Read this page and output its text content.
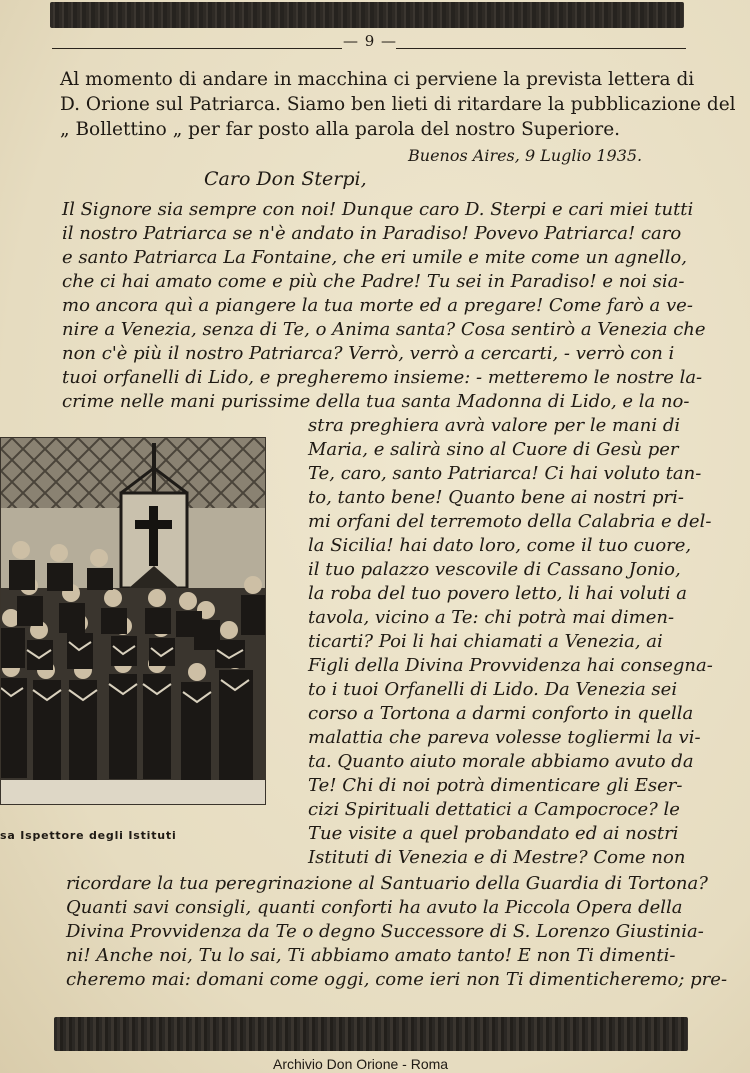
— 9 —
Al momento di andare in macchina ci perviene la prevista lettera di
D. Orione sul Patriarca. Siamo ben lieti di ritardare la pubblicazione del
„ Bollettino „ per far posto alla parola del nostro Superiore.
Buenos Aires, 9 Luglio 1935.
Caro Don Sterpi,
Il Signore sia sempre con noi! Dunque caro D. Sterpi e cari miei tutti
il nostro Patriarca se n'è andato in Paradiso! Povevo Patriarca! caro
e santo Patriarca La Fontaine, che eri umile e mite come un agnello,
che ci hai amato come e più che Padre! Tu sei in Paradiso! e noi sia-
mo ancora quì a piangere la tua morte ed a pregare! Come farò a ve-
nire a Venezia, senza di Te, o Anima santa? Cosa sentirò a Venezia che
non c'è più il nostro Patriarca? Verrò, verrò a cercarti, - verrò con i
tuoi orfanelli di Lido, e pregheremo insieme: - metteremo le nostre la-
crime nelle mani purissime della tua santa Madonna di Lido, e la no-
stra preghiera avrà valore per le mani di
Maria, e salirà sino al Cuore di Gesù per
Te, caro, santo Patriarca! Ci hai voluto tan-
to, tanto bene! Quanto bene ai nostri pri-
mi orfani del terremoto della Calabria e del-
la Sicilia! hai dato loro, come il tuo cuore,
il tuo palazzo vescovile di Cassano Jonio,
la roba del tuo povero letto, li hai voluti a
tavola, vicino a Te: chi potrà mai dimen-
ticarti? Poi li hai chiamati a Venezia, ai
Figli della Divina Provvidenza hai consegna-
to i tuoi Orfanelli di Lido. Da Venezia sei
corso a Tortona a darmi conforto in quella
malattia che pareva volesse togliermi la vi-
ta. Quanto aiuto morale abbiamo avuto da
Te! Chi di noi potrà dimenticare gli Eser-
cizi Spirituali dettatici a Campocroce? le
Tue visite a quel probandato ed ai nostri
Istituti di Venezia e di Mestre? Come non
ricordare la tua peregrinazione al Santuario della Guardia di Tortona?
Quanti savi consigli, quanti conforti ha avuto la Piccola Opera della
Divina Provvidenza da Te o degno Successore di S. Lorenzo Giustinia-
ni! Anche noi, Tu lo sai, Ti abbiamo amato tanto! E non Ti dimenti-
cheremo mai: domani come oggi, come ieri non Ti dimenticheremo; pre-
sa Ispettore degli Istituti
Archivio Don Orione - Roma
